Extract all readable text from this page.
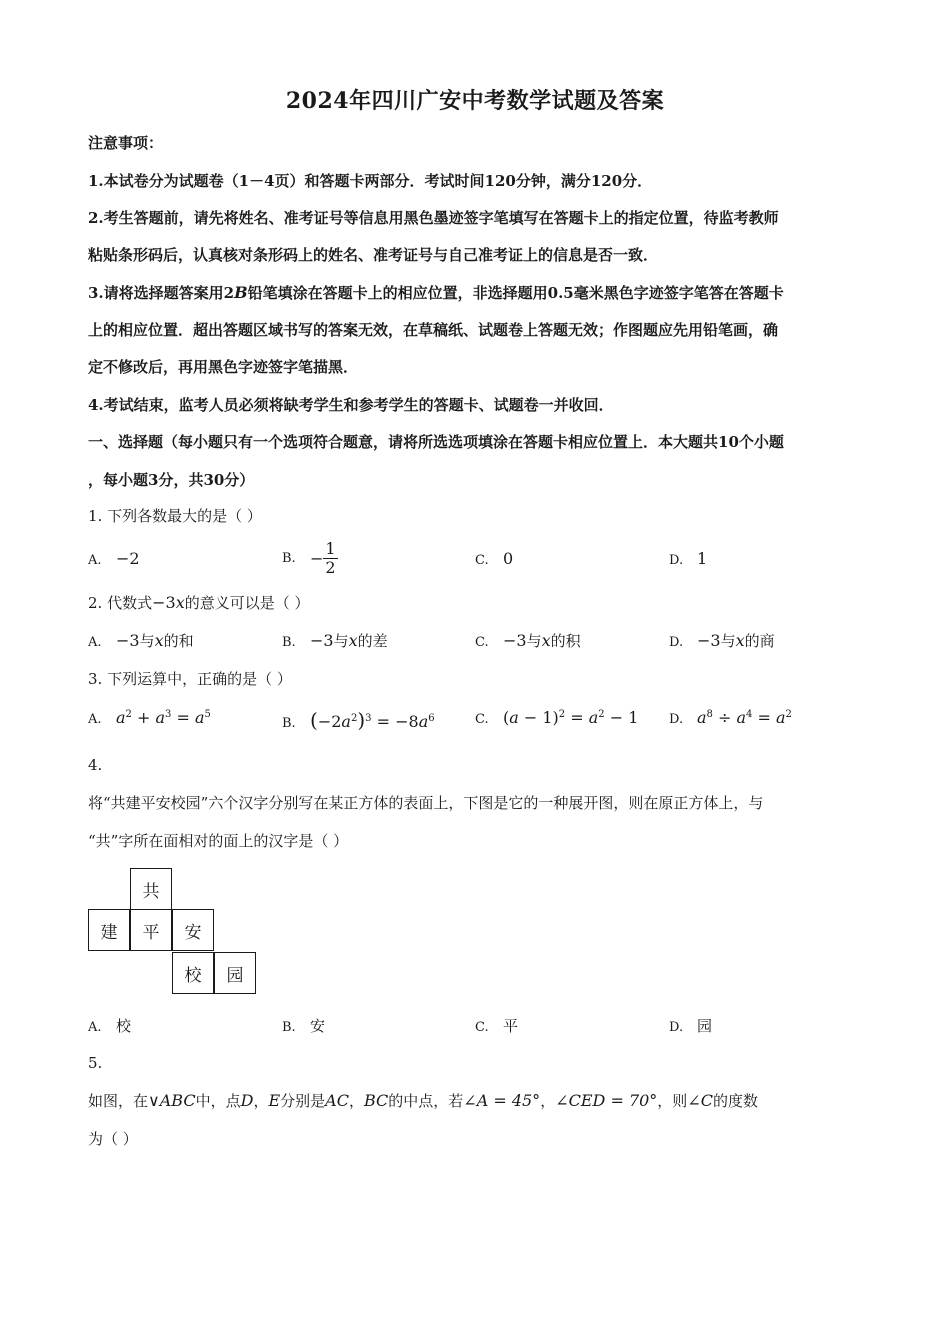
2024年四川广安中考数学试题及答案
注意事项：
1.本试卷分为试题卷（1－4页）和答题卡两部分．考试时间120分钟，满分120分．
2.考生答题前，请先将姓名、准考证号等信息用黑色墨迹签字笔填写在答题卡上的指定位置，待监考教师
粘贴条形码后，认真核对条形码上的姓名、准考证号与自己准考证上的信息是否一致．
3.请将选择题答案用2B铅笔填涂在答题卡上的相应位置，非选择题用0.5毫米黑色字迹签字笔答在答题卡
上的相应位置．超出答题区域书写的答案无效，在草稿纸、试题卷上答题无效；作图题应先用铅笔画，确
定不修改后，再用黑色字迹签字笔描黑．
4.考试结束，监考人员必须将缺考学生和参考学生的答题卡、试题卷一并收回．
一、选择题（每小题只有一个选项符合题意，请将所选选项填涂在答题卡相应位置上．本大题共10个小题
，每小题3分，共30分）
1. 下列各数最大的是（ ）
A. −2	B. − $\frac{1}{2}$	C. 0	D. 1
2. 代数式−3x的意义可以是（ ）
A. −3与x的和	B. −3与x的差	C. −3与x的积	D. −3与x的商
3. 下列运算中，正确的是（ ）
A. $a^2 + a^3 = a^5$
B. $(-2a^2)^3 = -8a^6$	C. $(a - 1)^2 = a^2 - 1$ D. $a^8 \div a^4 = a^2$
4.
将“共建平安校园”六个汉字分别写在某正方体的表面上，下图是它的一种展开图，则在原正方体上，与
“共”字所在面相对的面上的汉字是（ ）
共
建	平	安
校	园
A. 校	B. 安	C. 平	D. 园
5.
如图，在∨ABC中，点D，E分别是AC，BC的中点，若∠A = 45°，∠CED = 70°，则∠C的度数
为（ ）
